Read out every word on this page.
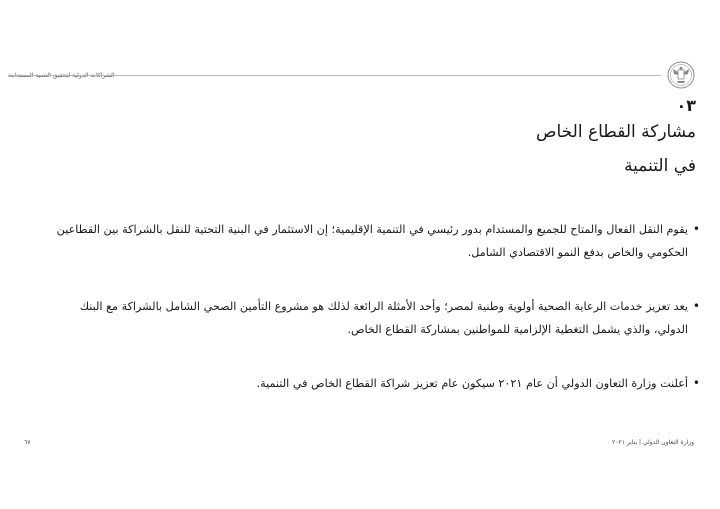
الشراكات الدولية لتحقيق التنمية المستدامة
٠٣
مشاركة القطاع الخاص
في التنمية
• يقوم النقل الفعال والمتاح للجميع والمستدام بدور رئيسي في التنمية الإقليمية؛ إن الاستثمار في البنية التحتية للنقل بالشراكة بين القطاعين الحكومي والخاص بدفع النمو الاقتصادي الشامل.
• يعد تعزيز خدمات الرعاية الصحية أولوية وطنية لمصر؛ وأحد الأمثلة الرائعة لذلك هو مشروع التأمين الصحي الشامل بالشراكة مع البنك الدولي، والذي يشمل التغطية الإلزامية للمواطنين بمشاركة القطاع الخاص.
• أعلنت وزارة التعاون الدولي أن عام ٢٠٢١ سيكون عام تعزيز شراكة القطاع الخاص في التنمية.
٦٧	وزارة التعاون الدولي | يناير ٢٠٢١
